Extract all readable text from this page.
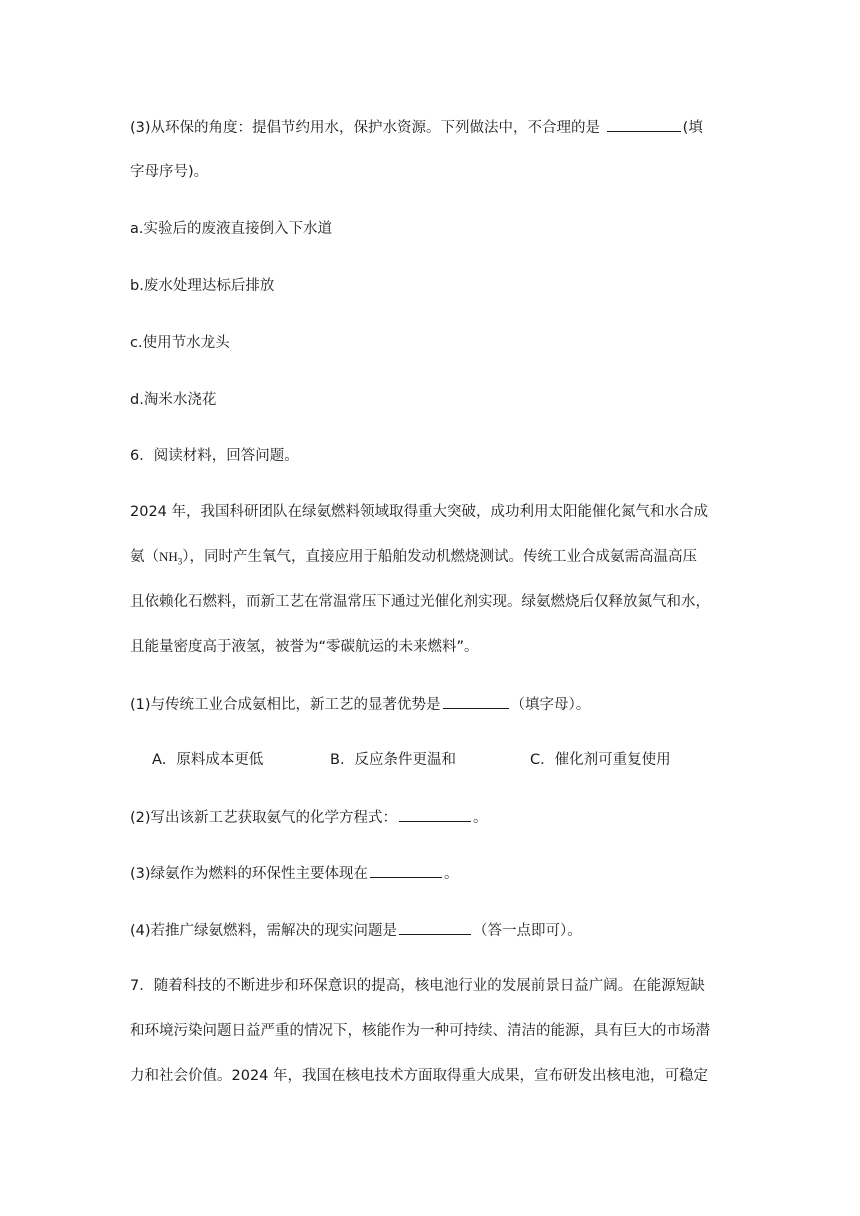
(3)从环保的角度：提倡节约用水，保护水资源。下列做法中，不合理的是	(填

字母序号)。

a.实验后的废液直接倒入下水道

b.废水处理达标后排放

c.使用节水龙头

d.淘米水浇花

6．阅读材料，回答问题。

2024 年，我国科研团队在绿氨燃料领域取得重大突破，成功利用太阳能催化氮气和水合成

氨$(NH_3)$，同时产生氧气，直接应用于船舶发动机燃烧测试。传统工业合成氨需高温高压

且依赖化石燃料，而新工艺在常温常压下通过光催化剂实现。绿氨燃烧后仅释放氮气和水，

且能量密度高于液氢，被誉为“零碳航运的未来燃料”。

(1)与传统工业合成氨相比，新工艺的显著优势是	（填字母）。

A．原料成本更低	B．反应条件更温和	C．催化剂可重复使用

(2)写出该新工艺获取氨气的化学方程式：	。

(3)绿氨作为燃料的环保性主要体现在	。

(4)若推广绿氨燃料，需解决的现实问题是	（答一点即可）。

7．随着科技的不断进步和环保意识的提高，核电池行业的发展前景日益广阔。在能源短缺

和环境污染问题日益严重的情况下，核能作为一种可持续、清洁的能源，具有巨大的市场潜

力和社会价值。2024 年，我国在核电技术方面取得重大成果，宣布研发出核电池，可稳定
